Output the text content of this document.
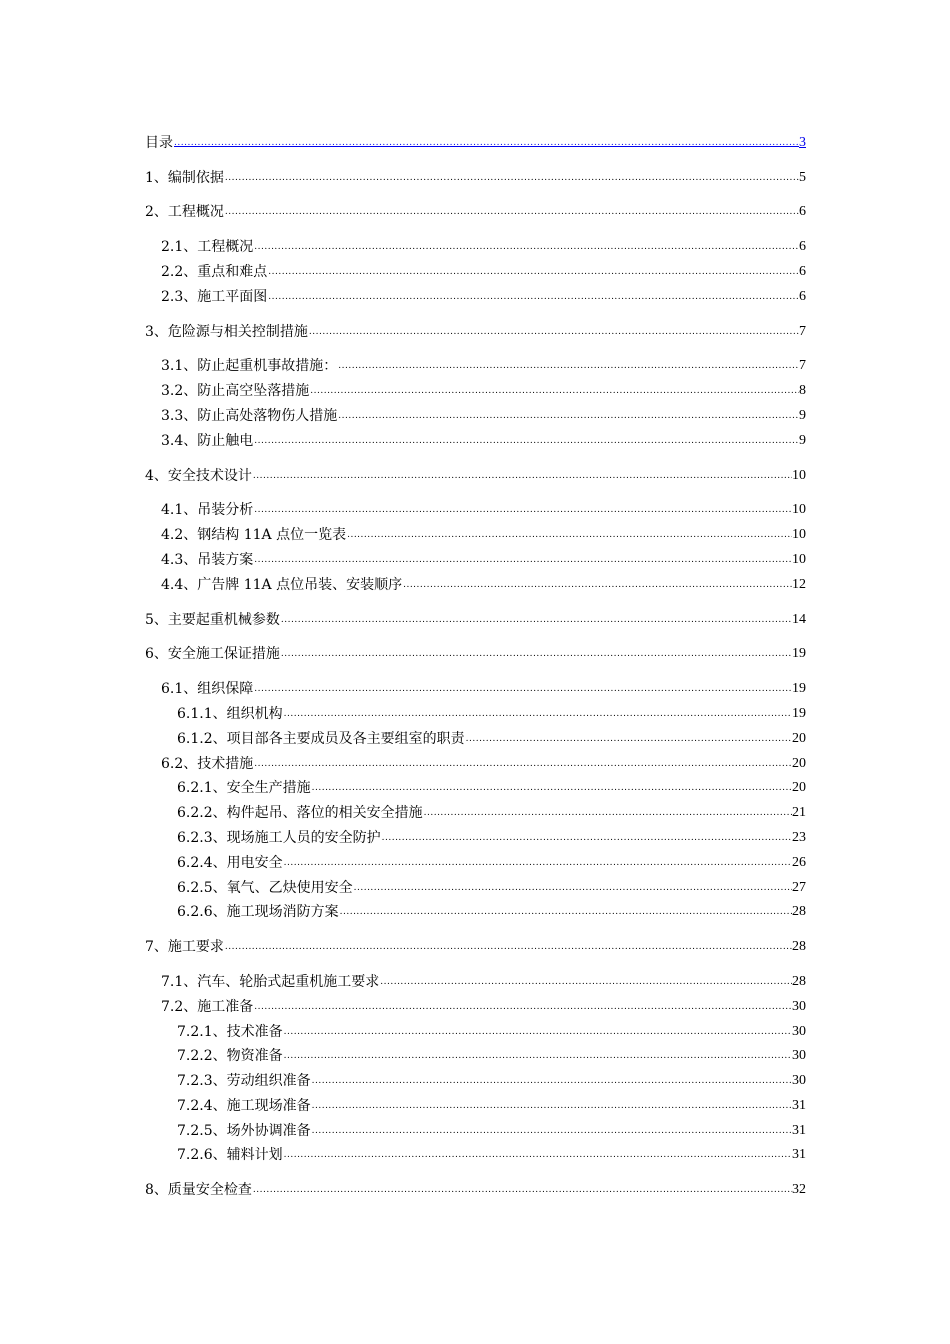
目录 .....	3
1、编制依据 .....	5
2、工程概况 .....	6
2.1、工程概况 .....	6
2.2、重点和难点 .....	6
2.3、施工平面图 .....	6
3、危险源与相关控制措施 .....	7
3.1、防止起重机事故措施： .....	7
3.2、防止高空坠落措施 .....	8
3.3、防止高处落物伤人措施 .....	9
3.4、防止触电 .....	9
4、安全技术设计 .....	10
4.1、吊装分析 .....	10
4.2、钢结构 11A 点位一览表 .....	10
4.3、吊装方案 .....	10
4.4、广告牌 11A 点位吊装、安装顺序 .....	12
5、主要起重机械参数 .....	14
6、安全施工保证措施 .....	19
6.1、组织保障 .....	19
6.1.1、组织机构 .....	19
6.1.2、项目部各主要成员及各主要组室的职责 .....	20
6.2、技术措施 .....	20
6.2.1、安全生产措施 .....	20
6.2.2、构件起吊、落位的相关安全措施 .....	21
6.2.3、现场施工人员的安全防护 .....	23
6.2.4、用电安全 .....	26
6.2.5、氧气、乙炔使用安全 .....	27
6.2.6、施工现场消防方案 .....	28
7、施工要求 .....	28
7.1、汽车、轮胎式起重机施工要求 .....	28
7.2、施工准备 .....	30
7.2.1、技术准备 .....	30
7.2.2、物资准备 .....	30
7.2.3、劳动组织准备 .....	30
7.2.4、施工现场准备 .....	31
7.2.5、场外协调准备 .....	31
7.2.6、辅料计划 .....	31
8、质量安全检查 .....	32
